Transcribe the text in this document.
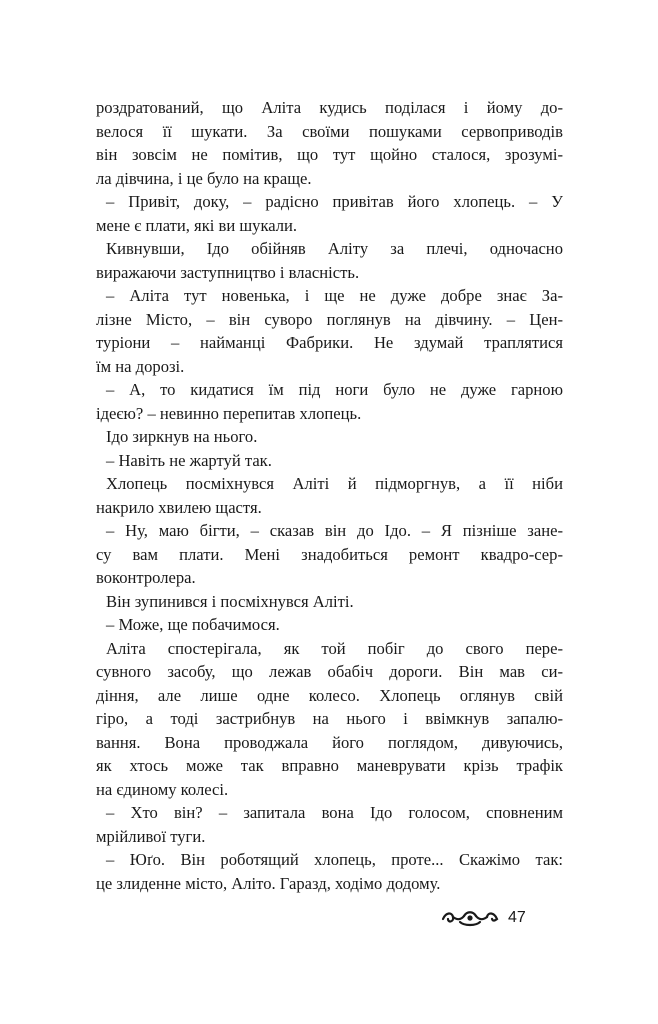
роздратований, що Аліта кудись поділася і йому до-
велося її шукати. За своїми пошуками сервоприводів
він зовсім не помітив, що тут щойно сталося, зрозумі-
ла дівчина, і це було на краще.
– Привіт, доку, – радісно привітав його хлопець. – У
мене є плати, які ви шукали.
Кивнувши, Ідо обійняв Аліту за плечі, одночасно
виражаючи заступництво і власність.
– Аліта тут новенька, і ще не дуже добре знає За-
лізне Місто, – він суворо поглянув на дівчину. – Цен-
туріони – найманці Фабрики. Не здумай траплятися
їм на дорозі.
– А, то кидатися їм під ноги було не дуже гарною
ідеєю? – невинно перепитав хлопець.
Ідо зиркнув на нього.
– Навіть не жартуй так.
Хлопець посміхнувся Аліті й підморгнув, а її ніби
накрило хвилею щастя.
– Ну, маю бігти, – сказав він до Ідо. – Я пізніше зане-
су вам плати. Мені знадобиться ремонт квадро-сер-
воконтролера.
Він зупинився і посміхнувся Аліті.
– Може, ще побачимося.
Аліта спостерігала, як той побіг до свого пере-
сувного засобу, що лежав обабіч дороги. Він мав си-
діння, але лише одне колесо. Хлопець оглянув свій
гіро, а тоді застрибнув на нього і ввімкнув запалю-
вання. Вона проводжала його поглядом, дивуючись,
як хтось може так вправно маневрувати крізь трафік
на єдиному колесі.
– Хто він? – запитала вона Ідо голосом, сповненим
мрійливої туги.
– Юґо. Він роботящий хлопець, проте... Скажімо так:
це злиденне місто, Аліто. Гаразд, ходімо додому.
47
